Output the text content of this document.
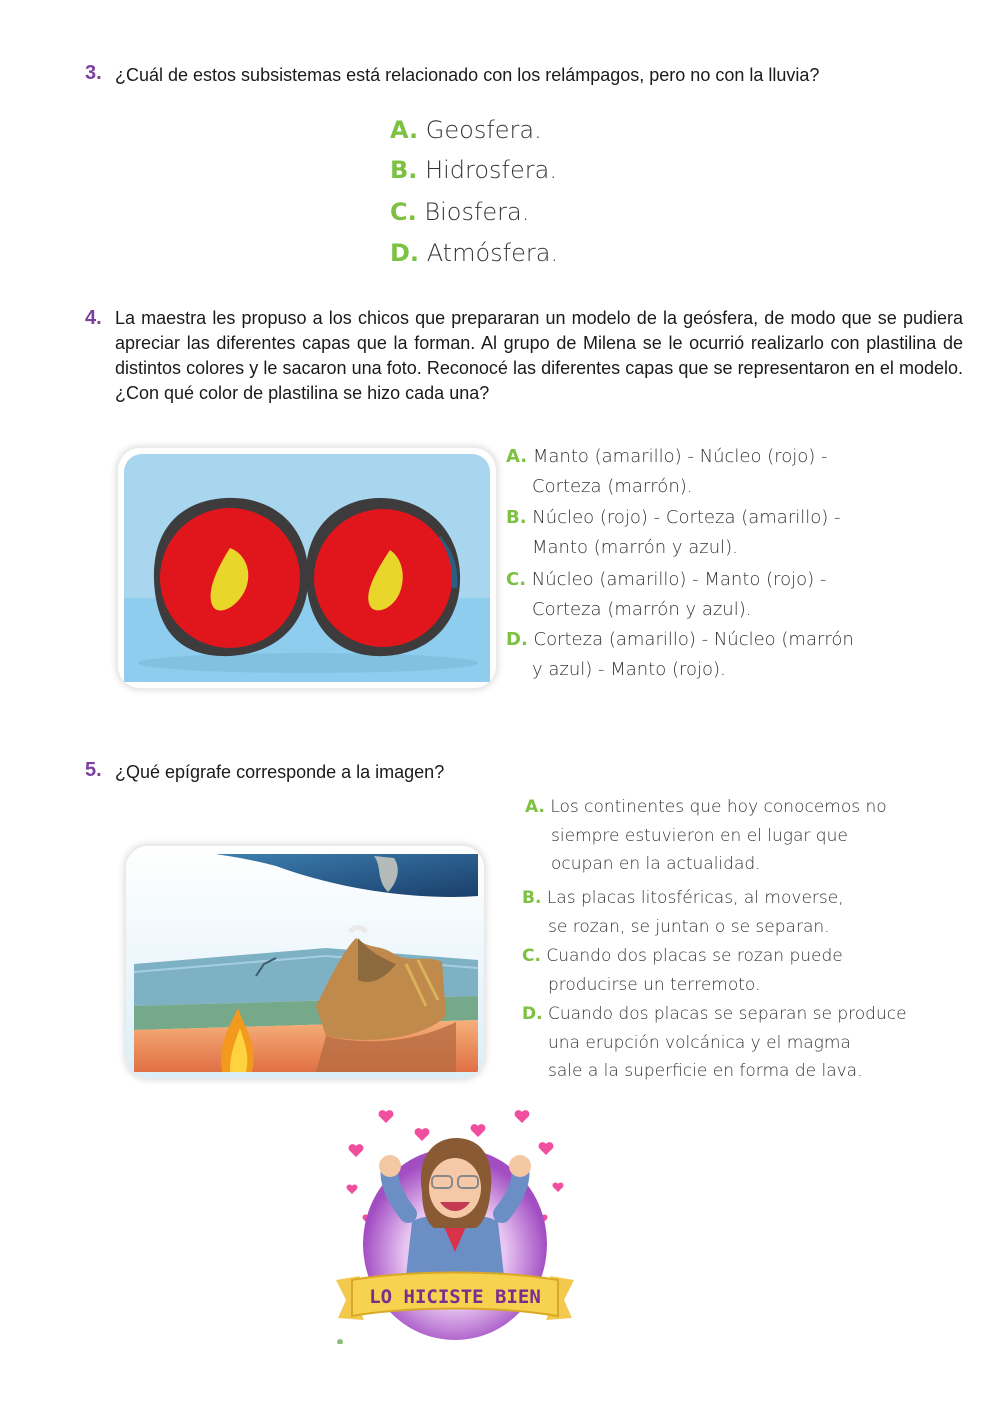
3. ¿Cuál de estos subsistemas está relacionado con los relámpagos, pero no con la lluvia?
A. Geosfera.
B. Hidrosfera.
C. Biosfera.
D. Atmósfera.
4. La maestra les propuso a los chicos que prepararan un modelo de la geósfera, de modo que se pudiera apreciar las diferentes capas que la forman. Al grupo de Milena se le ocurrió realizarlo con plastilina de distintos colores y le sacaron una foto. Reconocé las diferentes capas que se representaron en el modelo. ¿Con qué color de plastilina se hizo cada una?
A. Manto (amarillo) - Núcleo (rojo) -
Corteza (marrón).
B. Núcleo (rojo) - Corteza (amarillo) -
Manto (marrón y azul).
C. Núcleo (amarillo) - Manto (rojo) -
Corteza (marrón y azul).
D. Corteza (amarillo) - Núcleo (marrón
y azul) - Manto (rojo).
5. ¿Qué epígrafe corresponde a la imagen?
A. Los continentes que hoy conocemos no
siempre estuvieron en el lugar que
ocupan en la actualidad.
B. Las placas litosféricas, al moverse,
se rozan, se juntan o se separan.
C. Cuando dos placas se rozan puede
producirse un terremoto.
D. Cuando dos placas se separan se produce
una erupción volcánica y el magma
sale a la superficie en forma de lava.
LO HICISTE BIEN
